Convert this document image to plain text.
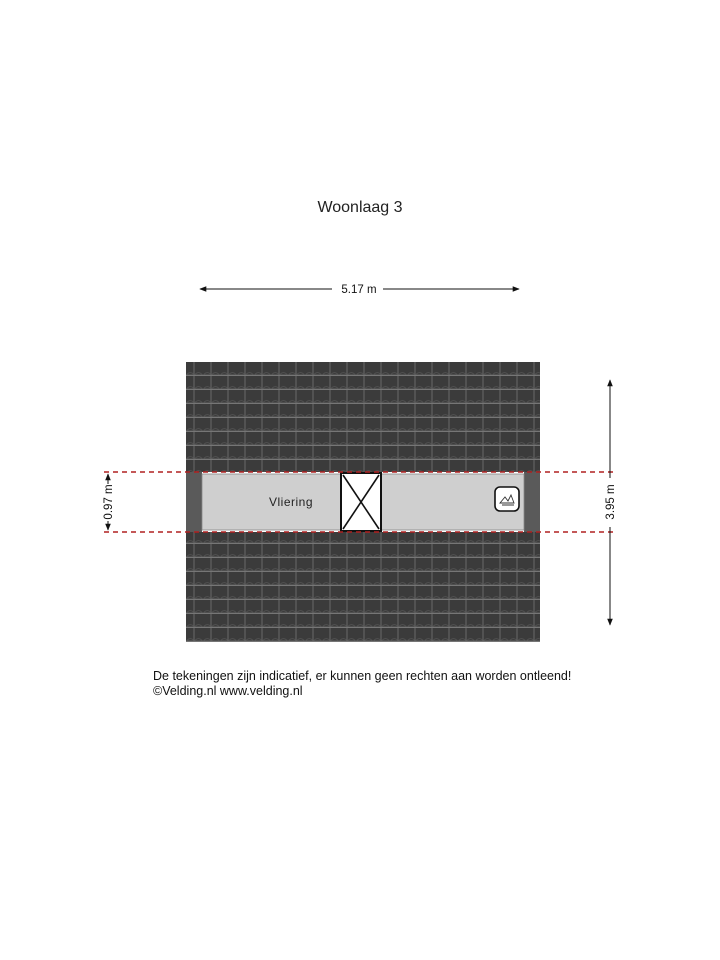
Woonlaag 3
Vliering
5.17 m
3.95 m
0.97 m
De tekeningen zijn indicatief, er kunnen geen rechten aan worden ontleend!
©Velding.nl www.velding.nl
